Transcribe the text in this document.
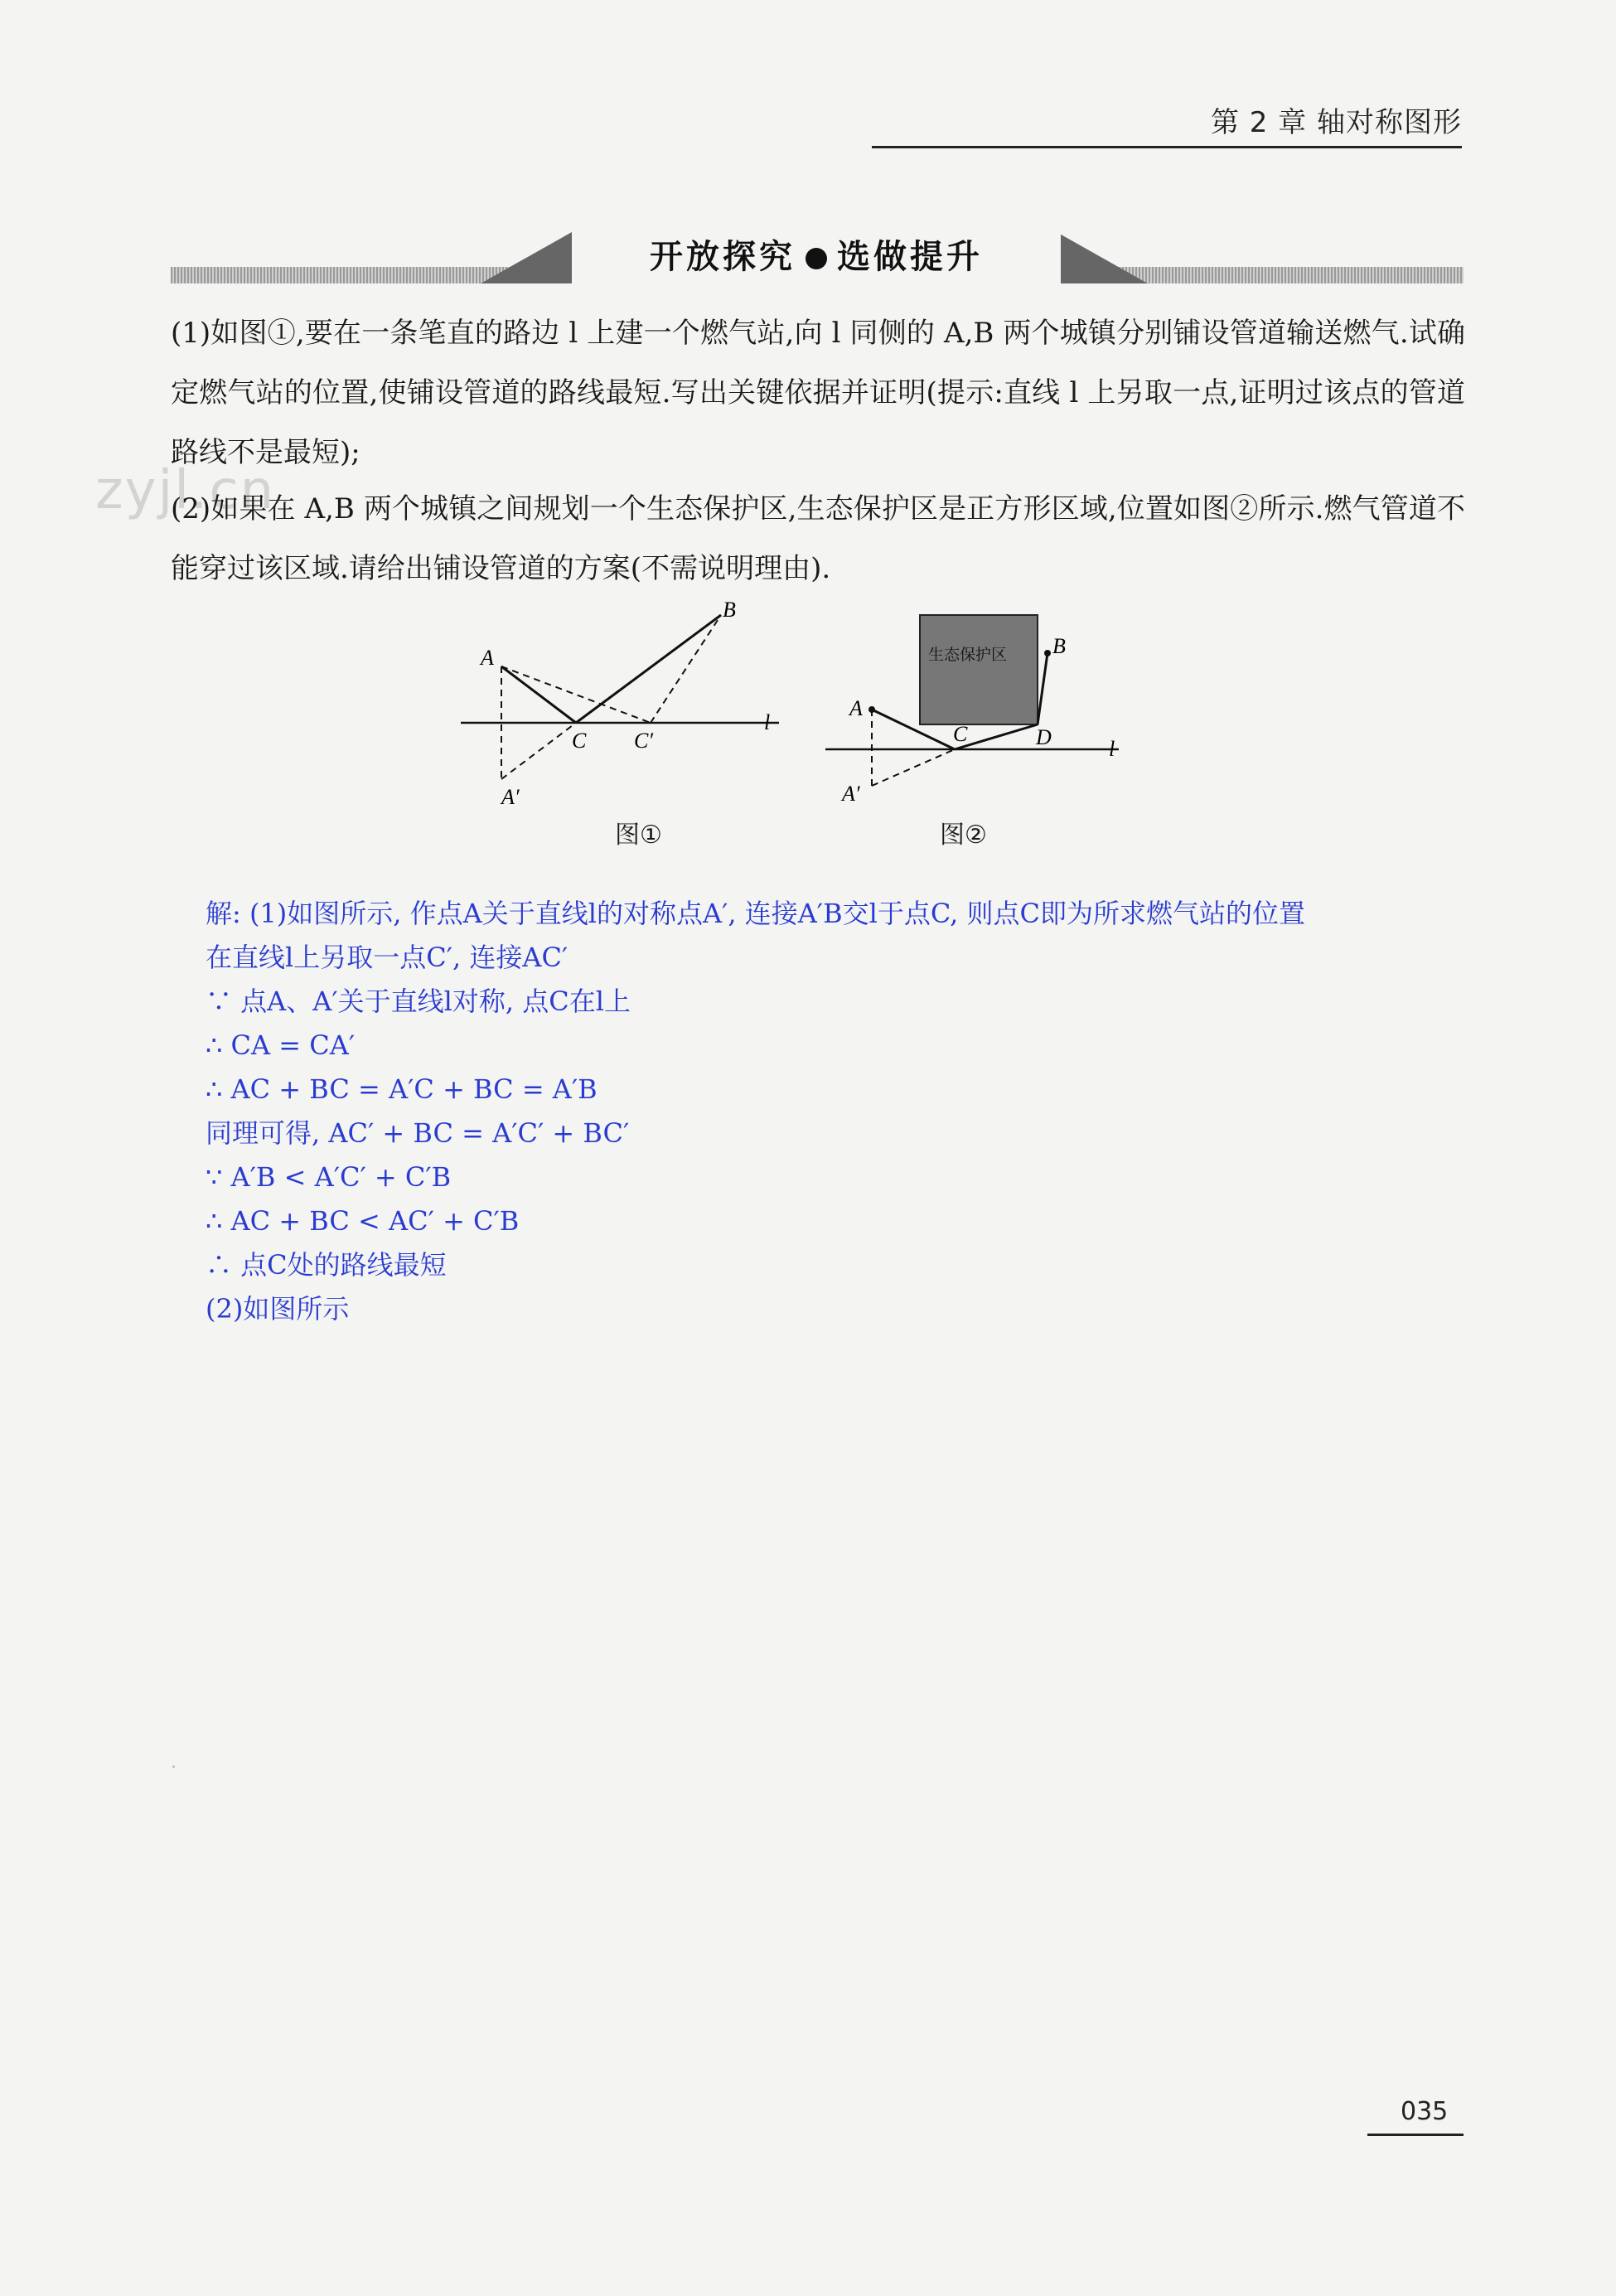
第 2 章 轴对称图形
开放探究 选做提升
zyjl.cn
(1)如图①,要在一条笔直的路边 l 上建一个燃气站,向 l 同侧的 A,B 两个城镇分别铺设管道输送燃气.试确定燃气站的位置,使铺设管道的路线最短.写出关键依据并证明(提示:直线 l 上另取一点,证明过该点的管道路线不是最短);
(2)如果在 A,B 两个城镇之间规划一个生态保护区,生态保护区是正方形区域,位置如图②所示.燃气管道不能穿过该区域.请给出铺设管道的方案(不需说明理由).
A
B
C C′
A′
l
图①
生态保护区
A
B
C	D
A′
l
图②
解: (1)如图所示, 作点A关于直线l的对称点A′, 连接A′B交l于点C, 则点C即为所求燃气站的位置
在直线l上另取一点C′, 连接AC′
∵ 点A、A′关于直线l对称, 点C在l上
∴ CA = CA′
∴ AC + BC = A′C + BC = A′B
同理可得, AC′ + BC = A′C′ + BC′
∵ A′B < A′C′ + C′B
∴ AC + BC < AC′ + C′B
∴ 点C处的路线最短
(2)如图所示
035
